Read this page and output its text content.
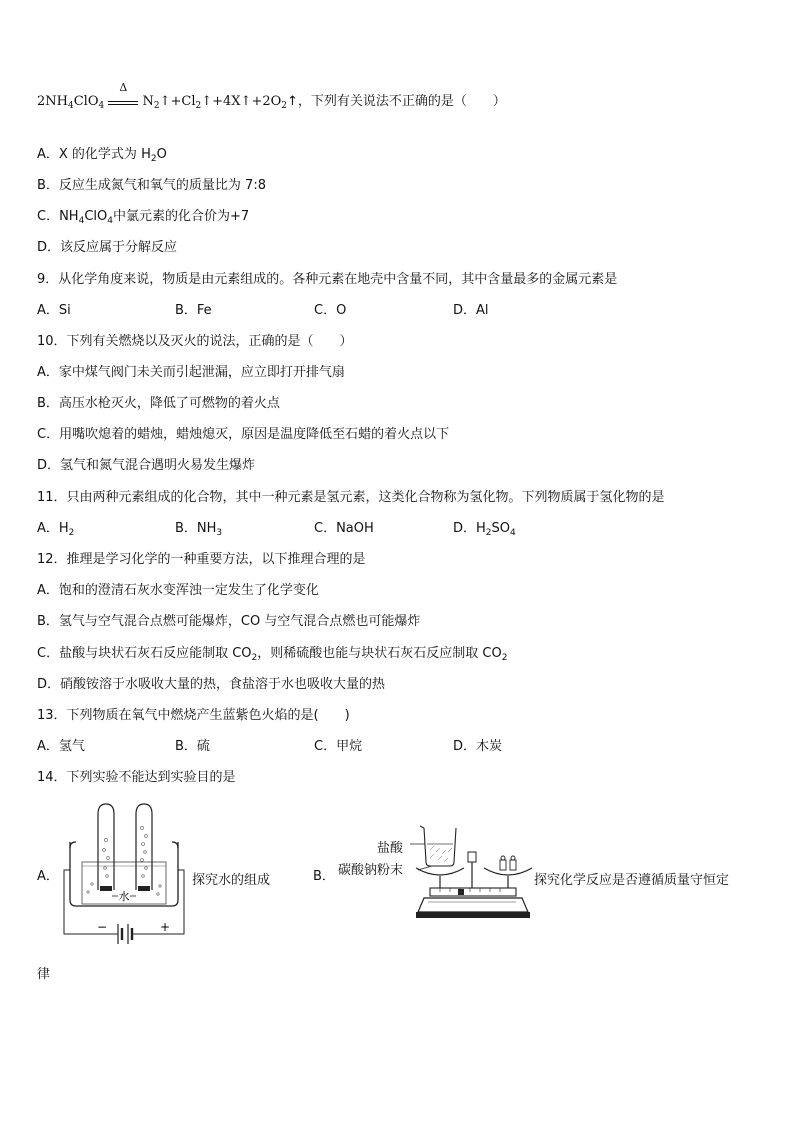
$2NH_4ClO_4$
Δ
$N_2↑+Cl_2↑+4X↑+2O_2↑$，下列有关说法不正确的是（　　）
A．X 的化学式为 $H_2O$
B．反应生成氮气和氧气的质量比为 7:8
C．$NH_4ClO_4$中氯元素的化合价为+7
D．该反应属于分解反应
9．从化学角度来说，物质是由元素组成的。各种元素在地壳中含量不同，其中含量最多的金属元素是
A．Si	B．Fe	C．O	D．Al
10．下列有关燃烧以及灭火的说法，正确的是（　　）
A．家中煤气阀门未关而引起泄漏，应立即打开排气扇
B．高压水枪灭火，降低了可燃物的着火点
C．用嘴吹熄着的蜡烛，蜡烛熄灭，原因是温度降低至石蜡的着火点以下
D．氢气和氮气混合遇明火易发生爆炸
11．只由两种元素组成的化合物，其中一种元素是氢元素，这类化合物称为氢化物。下列物质属于氢化物的是
A．$H_2$	B．$NH_3$	C．NaOH	D．$H_2SO_4$
12．推理是学习化学的一种重要方法，以下推理合理的是
A．饱和的澄清石灰水变浑浊一定发生了化学变化
B．氢气与空气混合点燃可能爆炸，CO 与空气混合点燃也可能爆炸
C．盐酸与块状石灰石反应能制取 $CO_2$，则稀硫酸也能与块状石灰石反应制取 $CO_2$
D．硝酸铵溶于水吸收大量的热，食盐溶于水也吸收大量的热
13．下列物质在氧气中燃烧产生蓝紫色火焰的是(　　)
A．氢气	B．硫	C．甲烷	D．木炭
14．下列实验不能达到实验目的是
A．
水
−	+
探究水的组成	B．
盐酸
碳酸钠粉末
探究化学反应是否遵循质量守恒定
律
